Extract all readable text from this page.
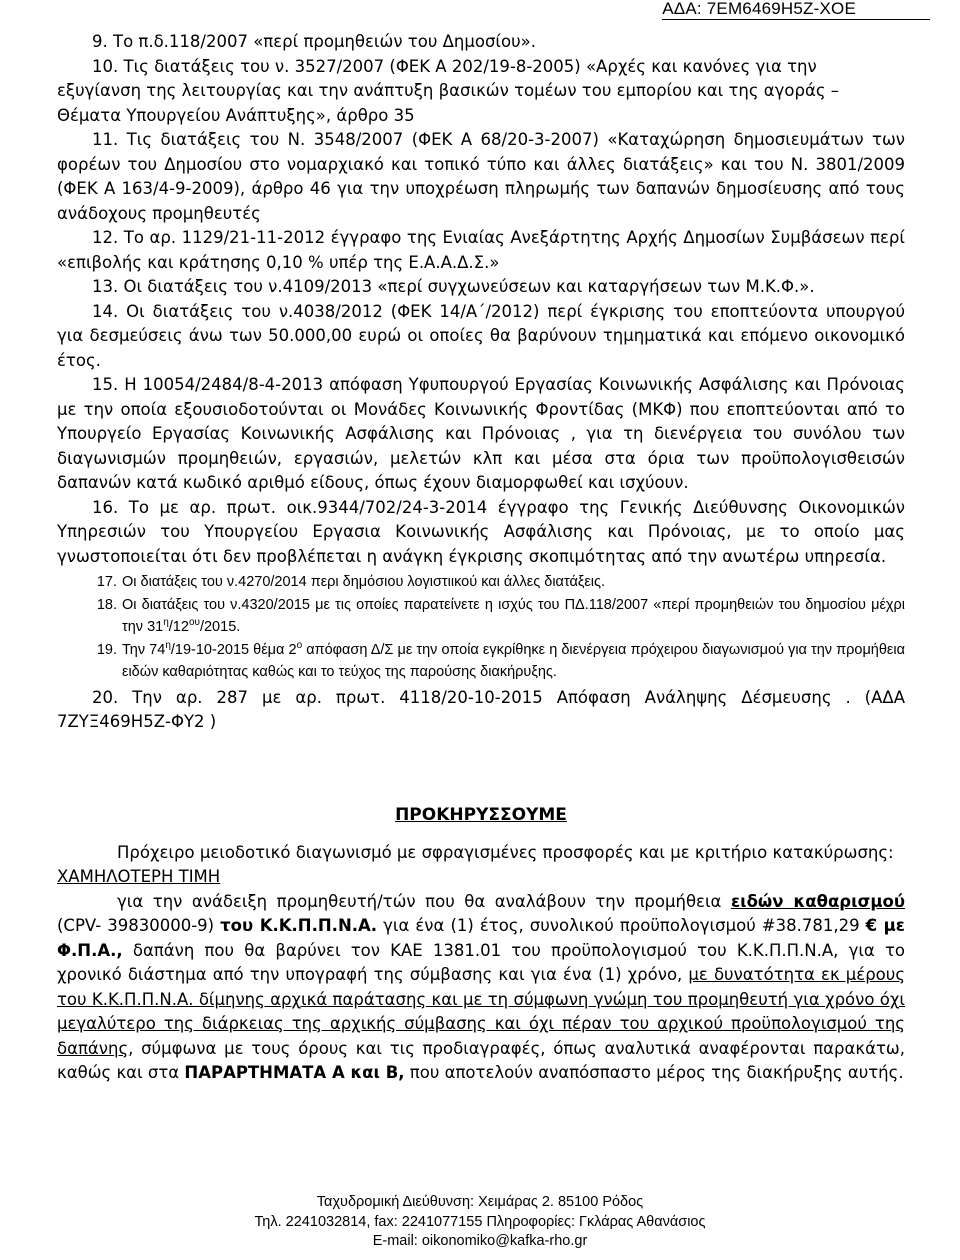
ΑΔΑ: 7ΕΜ6469Η5Ζ-ΧΟΕ

9. Το π.δ.118/2007 «περί προμηθειών του Δημοσίου».

10. Τις διατάξεις του ν. 3527/2007 (ΦΕΚ Α 202/19-8-2005) «Αρχές και κανόνες για την

εξυγίανση της λειτουργίας και την ανάπτυξη βασικών τομέων του εμπορίου και της αγοράς –

Θέματα Υπουργείου Ανάπτυξης», άρθρο 35

11. Τις διατάξεις του Ν. 3548/2007 (ΦΕΚ Α 68/20-3-2007) «Καταχώρηση δημοσιευμάτων των φορέων του Δημοσίου στο νομαρχιακό και τοπικό τύπο και άλλες διατάξεις» και του Ν. 3801/2009 (ΦΕΚ Α 163/4-9-2009), άρθρο 46 για την υποχρέωση πληρωμής των δαπανών δημοσίευσης από τους ανάδοχους προμηθευτές

12. Το αρ. 1129/21-11-2012 έγγραφο της Ενιαίας Ανεξάρτητης Αρχής Δημοσίων Συμβάσεων περί «επιβολής και κράτησης 0,10 % υπέρ της Ε.Α.Α.Δ.Σ.»

13. Οι διατάξεις του ν.4109/2013 «περί συγχωνεύσεων και καταργήσεων των Μ.Κ.Φ.».

14. Οι διατάξεις του ν.4038/2012 (ΦΕΚ 14/Α΄/2012) περί έγκρισης του εποπτεύοντα υπουργού για δεσμεύσεις άνω των 50.000,00 ευρώ οι οποίες θα βαρύνουν τημηματικά και επόμενο οικονομικό έτος.

15. Η 10054/2484/8-4-2013 απόφαση Υφυπουργού Εργασίας Κοινωνικής Ασφάλισης και Πρόνοιας με την οποία εξουσιοδοτούνται οι Μονάδες Κοινωνικής Φροντίδας (ΜΚΦ) που εποπτεύονται από το Υπουργείο Εργασίας Κοινωνικής Ασφάλισης και Πρόνοιας , για τη διενέργεια του συνόλου των διαγωνισμών προμηθειών, εργασιών, μελετών κλπ και μέσα στα όρια των προϋπολογισθεισών δαπανών κατά κωδικό αριθμό είδους, όπως έχουν διαμορφωθεί και ισχύουν.

16. Το με αρ. πρωτ. οικ.9344/702/24-3-2014 έγγραφο της Γενικής Διεύθυνσης Οικονομικών Υπηρεσιών του Υπουργείου Εργασια Κοινωνικής Ασφάλισης και Πρόνοιας, με το οποίο μας γνωστοποιείται ότι δεν προβλέπεται η ανάγκη έγκρισης σκοπιμότητας από την ανωτέρω υπηρεσία.

17. Οι διατάξεις του ν.4270/2014 περι δημόσιου λογιστιικού και άλλες διατάξεις.
18. Οι διατάξεις του ν.4320/2015 με τις οποίες παρατείνετε η ισχύς του ΠΔ.118/2007 «περί προμηθειών του δημοσίου μέχρι την $31^\eta/12^{o\upsilon}/2015$.
19. Την $74^\eta/19-10-2015$ θέμα $2^o$ απόφαση Δ/Σ με την οποία εγκρίθηκε η διενέργεια πρόχειρου διαγωνισμού για την προμήθεια ειδών καθαριότητας καθώς και το τεύχος της παρούσης διακήρυξης.

20. Την αρ. 287 με αρ. πρωτ. 4118/20-10-2015 Απόφαση Ανάληψης Δέσμευσης . (ΑΔΑ 7ΖΥΞ469Η5Ζ-ΦΥ2 )

ΠΡΟΚΗΡΥΣΣΟΥΜΕ

Πρόχειρο μειοδοτικό διαγωνισμό με σφραγισμένες προσφορές και με κριτήριο κατακύρωσης:

ΧΑΜΗΛΟΤΕΡΗ ΤΙΜΗ

για την ανάδειξη προμηθευτή/τών που θα αναλάβουν την προμήθεια ειδών καθαρισμού (CPV- 39830000-9) του Κ.Κ.Π.Π.Ν.Α. για ένα (1) έτος, συνολικού προϋπολογισμού #38.781,29 € με Φ.Π.Α., δαπάνη που θα βαρύνει τον ΚΑΕ 1381.01 του προϋπολογισμού του Κ.Κ.Π.Π.Ν.Α, για το χρονικό διάστημα από την υπογραφή της σύμβασης και για ένα (1) χρόνο, με δυνατότητα εκ μέρους του Κ.Κ.Π.Π.Ν.Α. δίμηνης αρχικά παράτασης και με τη σύμφωνη γνώμη του προμηθευτή για χρόνο όχι μεγαλύτερο της διάρκειας της αρχικής σύμβασης και όχι πέραν του αρχικού προϋπολογισμού της δαπάνης, σύμφωνα με τους όρους και τις προδιαγραφές, όπως αναλυτικά αναφέρονται παρακάτω, καθώς και στα ΠΑΡΑΡΤΗΜΑΤΑ Α και Β, που αποτελούν αναπόσπαστο μέρος της διακήρυξης αυτής.

Ταχυδρομική Διεύθυνση: Χειμάρας 2. 85100 Ρόδος
Τηλ. 2241032814, fax: 2241077155 Πληροφορίες: Γκλάρας Αθανάσιος
E-mail: oikonomiko@kafka-rho.gr
